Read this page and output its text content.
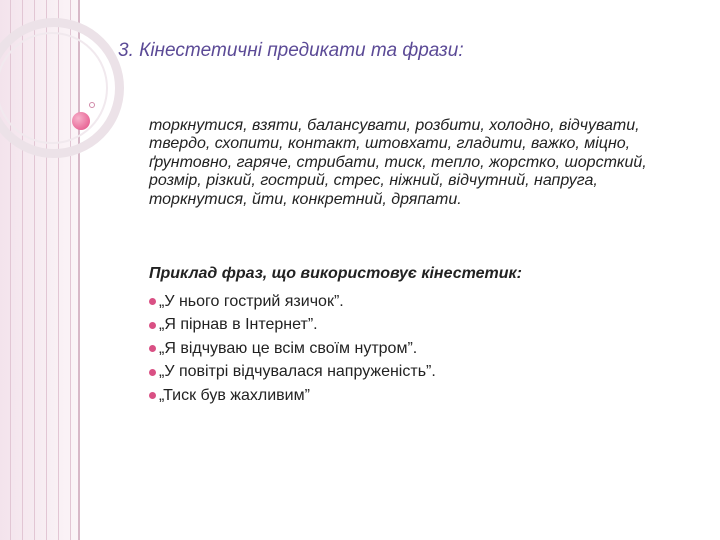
3. Кінестетичні предикати та фрази:
торкнутися, взяти, балансувати, розбити, холодно, відчувати, твердо, схопити, контакт, штовхати, гладити, важко, міцно, ґрунтовно, гаряче, стрибати, тиск, тепло, жорстко, шорсткий, розмір, різкий, гострий, стрес, ніжний, відчутний, напруга, торкнутися, йти, конкретний, дряпати.
Приклад фраз, що використовує кінестетик:
„У нього гострий язичок”.
„Я пірнав в Інтернет”.
„Я відчуваю це всім своїм нутром”.
„У повітрі відчувалася напруженість”.
„Тиск був жахливим”
